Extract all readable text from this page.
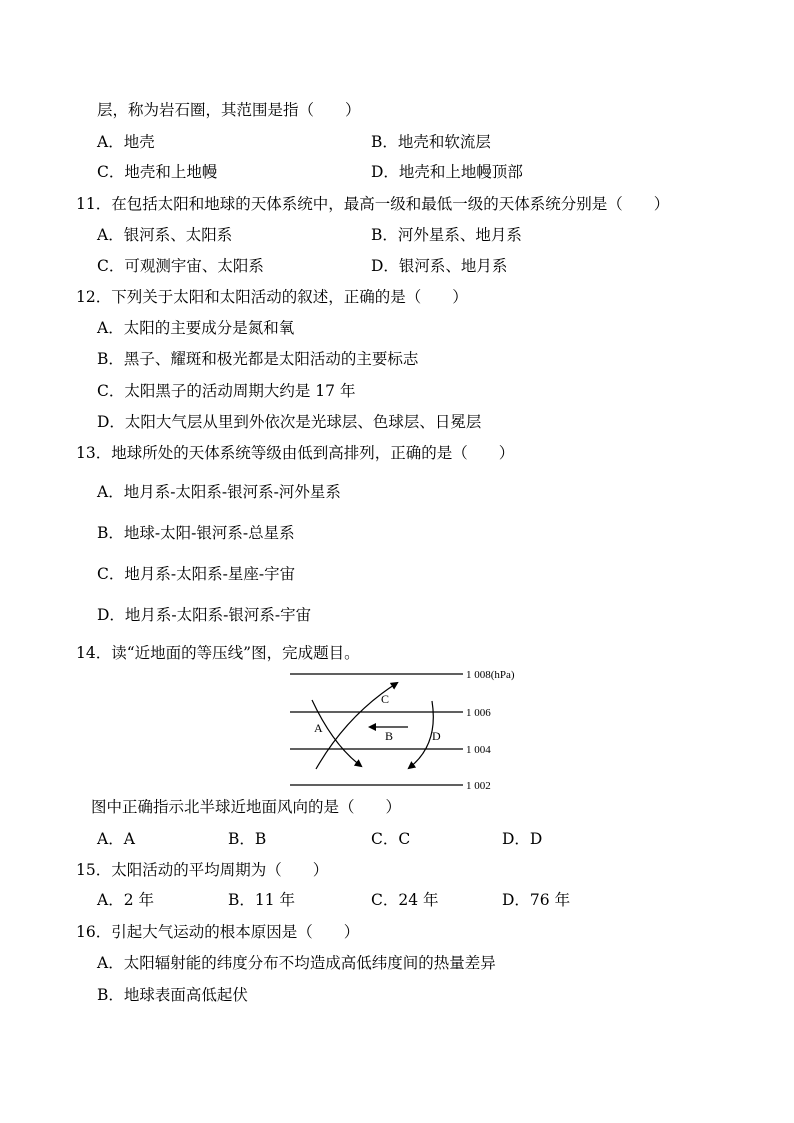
层，称为岩石圈，其范围是指（　　）
A．地壳	B．地壳和软流层
C．地壳和上地幔	D．地壳和上地幔顶部
11．在包括太阳和地球的天体系统中，最高一级和最低一级的天体系统分别是（　　）
A．银河系、太阳系	B．河外星系、地月系
C．可观测宇宙、太阳系	D．银河系、地月系
12．下列关于太阳和太阳活动的叙述，正确的是（　　）
A．太阳的主要成分是氮和氧
B．黑子、耀斑和极光都是太阳活动的主要标志
C．太阳黑子的活动周期大约是 17 年
D．太阳大气层从里到外依次是光球层、色球层、日冕层
13．地球所处的天体系统等级由低到高排列，正确的是（　　）
A．地月系-太阳系-银河系-河外星系
B．地球-太阳-银河系-总星系
C．地月系-太阳系-星座-宇宙
D．地月系-太阳系-银河系-宇宙
14．读“近地面的等压线”图，完成题目。
1 008(hPa)
1 006
1 004
1 002
A
B
C
D
图中正确指示北半球近地面风向的是（　　）
A．A	B．B	C．C	D．D
15．太阳活动的平均周期为（　　）
A．2 年	B．11 年	C．24 年	D．76 年
16．引起大气运动的根本原因是（　　）
A．太阳辐射能的纬度分布不均造成高低纬度间的热量差异
B．地球表面高低起伏
